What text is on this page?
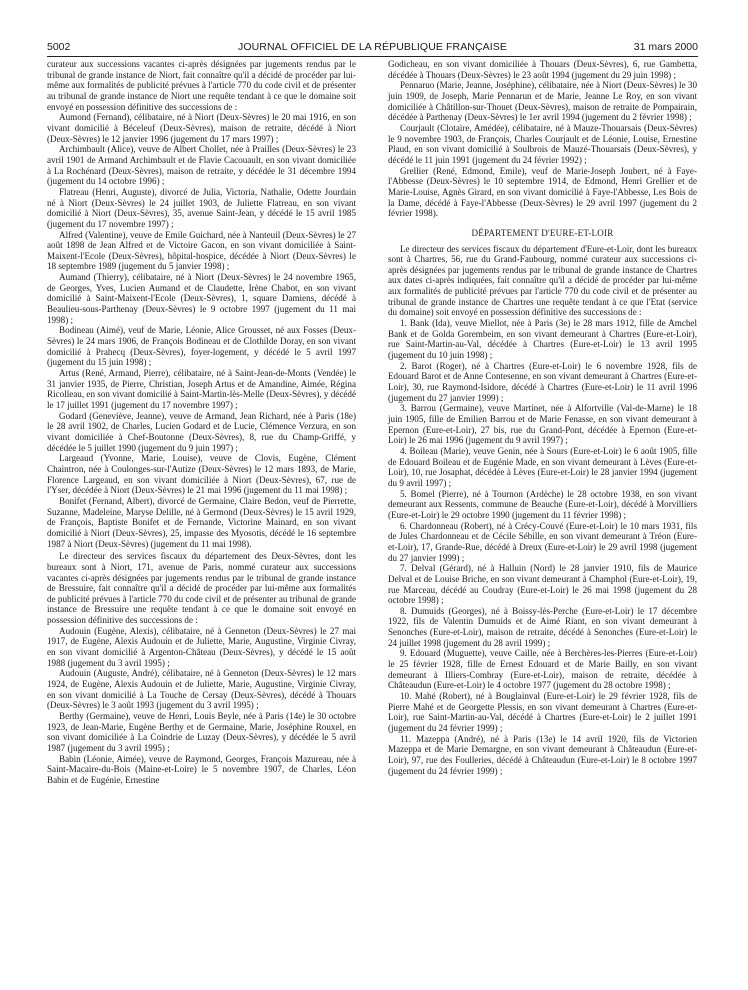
5002	JOURNAL OFFICIEL DE LA RÉPUBLIQUE FRANÇAISE	31 mars 2000

curateur aux successions vacantes ci-après désignées par jugements rendus par le tribunal de grande instance de Niort, fait connaître qu'il a décidé de procéder par lui-même aux formalités de publicité prévues à l'article 770 du code civil et de présenter au tribunal de grande instance de Niort une requête tendant à ce que le domaine soit envoyé en possession définitive des successions de :

Aumond (Fernand), célibataire, né à Niort (Deux-Sèvres) le 20 mai 1916, en son vivant domicilié à Béceleuf (Deux-Sèvres), maison de retraite, décédé à Niort (Deux-Sèvres) le 12 janvier 1996 (jugement du 17 mars 1997) ;

Archimbault (Alice), veuve de Albert Chollet, née à Prailles (Deux-Sèvres) le 23 avril 1901 de Armand Archimbault et de Flavie Cacouault, en son vivant domiciliée à La Rochénard (Deux-Sèvres), maison de retraite, y décédée le 31 décembre 1994 (jugement du 14 octobre 1996) ;

Flatreau (Henri, Auguste), divorcé de Julia, Victoria, Nathalie, Odette Jourdain né à Niort (Deux-Sèvres) le 24 juillet 1903, de Juliette Flatreau, en son vivant domicilié à Niort (Deux-Sèvres), 35, avenue Saint-Jean, y décédé le 15 avril 1985 (jugement du 17 novembre 1997) ;

Alfred (Valentine), veuve de Emile Guichard, née à Nanteuil (Deux-Sèvres) le 27 août 1898 de Jean Alfred et de Victoire Gacon, en son vivant domiciliée à Saint-Maixent-l'Ecole (Deux-Sèvres), hôpital-hospice, décédée à Niort (Deux-Sèvres) le 18 septembre 1989 (jugement du 5 janvier 1998) ;

Aumand (Thierry), célibataire, né à Niort (Deux-Sèvres) le 24 novembre 1965, de Georges, Yves, Lucien Aumand et de Claudette, Irène Chabot, en son vivant domicilié à Saint-Maixent-l'Ecole (Deux-Sèvres), 1, square Damiens, décédé à Beaulieu-sous-Parthenay (Deux-Sèvres) le 9 octobre 1997 (jugement du 11 mai 1998) ;

Bodineau (Aimé), veuf de Marie, Léonie, Alice Grousset, né aux Fosses (Deux-Sèvres) le 24 mars 1906, de François Bodineau et de Clothilde Doray, en son vivant domicilié à Prahecq (Deux-Sèvres), foyer-logement, y décédé le 5 avril 1997 (jugement du 15 juin 1998) ;

Artus (René, Armand, Pierre), célibataire, né à Saint-Jean-de-Monts (Vendée) le 31 janvier 1935, de Pierre, Christian, Joseph Artus et de Amandine, Aimée, Régina Ricolleau, en son vivant domicilié à Saint-Martin-lès-Melle (Deux-Sèvres), y décédé le 17 juillet 1991 (jugement du 17 novembre 1997) ;

Godard (Geneviève, Jeanne), veuve de Armand, Jean Richard, née à Paris (18e) le 28 avril 1902, de Charles, Lucien Godard et de Lucie, Clémence Verzura, en son vivant domiciliée à Chef-Boutonne (Deux-Sèvres), 8, rue du Champ-Griffé, y décédée le 5 juillet 1990 (jugement du 9 juin 1997) ;

Largeaud (Yvonne, Marie, Louise), veuve de Clovis, Eugène, Clément Chaintron, née à Coulonges-sur-l'Autize (Deux-Sèvres) le 12 mars 1893, de Marie, Florence Largeaud, en son vivant domiciliée à Niort (Deux-Sèvres), 67, rue de l'Yser, décédée à Niort (Deux-Sèvres) le 21 mai 1996 (jugement du 11 mai 1998) ;

Bonifet (Fernand, Albert), divorcé de Germaine, Claire Bedon, veuf de Pierrette, Suzanne, Madeleine, Maryse Delille, né à Germond (Deux-Sèvres) le 15 avril 1929, de François, Baptiste Bonifet et de Fernande, Victorine Mainard, en son vivant domicilié à Niort (Deux-Sèvres), 25, impasse des Myosotis, décédé le 16 septembre 1987 à Niort (Deux-Sèvres) (jugement du 11 mai 1998).

Le directeur des services fiscaux du département des Deux-Sèvres, dont les bureaux sont à Niort, 171, avenue de Paris, nommé curateur aux successions vacantes ci-après désignées par jugements rendus par le tribunal de grande instance de Bressuire, fait connaître qu'il a décidé de procéder par lui-même aux formalités de publicité prévues à l'article 770 du code civil et de présenter au tribunal de grande instance de Bressuire une requête tendant à ce que le domaine soit envoyé en possession définitive des successions de :

Audouin (Eugène, Alexis), célibataire, né à Genneton (Deux-Sèvres) le 27 mai 1917, de Eugène, Alexis Audouin et de Juliette, Marie, Augustine, Virginie Civray, en son vivant domicilié à Argenton-Château (Deux-Sèvres), y décédé le 15 août 1988 (jugement du 3 avril 1995) ;

Audouin (Auguste, André), célibataire, né à Genneton (Deux-Sèvres) le 12 mars 1924, de Eugène, Alexis Audouin et de Juliette, Marie, Augustine, Virginie Civray, en son vivant domicilié à La Touche de Cersay (Deux-Sèvres), décédé à Thouars (Deux-Sèvres) le 3 août 1993 (jugement du 3 avril 1995) ;

Berthy (Germaine), veuve de Henri, Louis Beyle, née à Paris (14e) le 30 octobre 1923, de Jean-Marie, Eugène Berthy et de Germaine, Marie, Joséphine Rouxel, en son vivant domiciliée à La Coindrie de Luzay (Deux-Sèvres), y décédée le 5 avril 1987 (jugement du 3 avril 1995) ;

Babin (Léonie, Aimée), veuve de Raymond, Georges, François Mazureau, née à Saint-Macaire-du-Bois (Maine-et-Loire) le 5 novembre 1907, de Charles, Léon Babin et de Eugénie, Ernestine

Godicheau, en son vivant domiciliée à Thouars (Deux-Sèvres), 6, rue Gambetta, décédée à Thouars (Deux-Sèvres) le 23 août 1994 (jugement du 29 juin 1998) ;

Pennaruo (Marie, Jeanne, Joséphine), célibataire, née à Niort (Deux-Sèvres) le 30 juin 1909, de Joseph, Marie Pennarun et de Marie, Jeanne Le Roy, en son vivant domiciliée à Châtillon-sur-Thouet (Deux-Sèvres), maison de retraite de Pompairain, décédée à Parthenay (Deux-Sèvres) le 1er avril 1994 (jugement du 2 février 1998) ;

Courjault (Clotaire, Amédée), célibataire, né à Mauze-Thouarsais (Deux-Sèvres) le 9 novembre 1903, de François, Charles Courjault et de Léonie, Louise, Ernestine Plaud, en son vivant domicilié à Soulbrois de Mauzé-Thouarsais (Deux-Sèvres), y décédé le 11 juin 1991 (jugement du 24 février 1992) ;

Grellier (René, Edmond, Emile), veuf de Marie-Joseph Joubert, né à Faye-l'Abbesse (Deux-Sèvres) le 10 septembre 1914, de Edmond, Henri Grellier et de Marie-Louise, Agnès Girard, en son vivant domicilié à Faye-l'Abbesse, Les Bois de la Dame, décédé à Faye-l'Abbesse (Deux-Sèvres) le 29 avril 1997 (jugement du 2 février 1998).

DÉPARTEMENT D'EURE-ET-LOIR

Le directeur des services fiscaux du département d'Eure-et-Loir, dont les bureaux sont à Chartres, 56, rue du Grand-Faubourg, nommé curateur aux successions ci-après désignées par jugements rendus par le tribunal de grande instance de Chartres aux dates ci-après indiquées, fait connaître qu'il a décidé de procéder par lui-même aux formalités de publicité prévues par l'article 770 du code civil et de présenter au tribunal de grande instance de Chartres une requête tendant à ce que l'Etat (service du domaine) soit envoyé en possession définitive des successions de :

1. Bank (Ida), veuve Miellot, née à Paris (3e) le 28 mars 1912, fille de Amchel Bank et de Golda Gorembeim, en son vivant demeurant à Chartres (Eure-et-Loir), rue Saint-Martin-au-Val, décédée à Chartres (Eure-et-Loir) le 13 avril 1995 (jugement du 10 juin 1998) ;

2. Barot (Roger), né à Chartres (Eure-et-Loir) le 6 novembre 1928, fils de Edouard Barot et de Anne Contesenne, en son vivant demeurant à Chartres (Eure-et-Loir), 30, rue Raymond-Isidore, décédé à Chartres (Eure-et-Loir) le 11 avril 1996 (jugement du 27 janvier 1999) ;

3. Barrou (Germaine), veuve Martinet, née à Alfortville (Val-de-Marne) le 18 juin 1905, fille de Emilien Barrou et de Marie Fenasse, en son vivant demeurant à Epernon (Eure-et-Loir), 27 bis, rue du Grand-Pont, décédée à Epernon (Eure-et-Loir) le 26 mai 1996 (jugement du 9 avril 1997) ;

4. Boileau (Marie), veuve Genin, née à Sours (Eure-et-Loir) le 6 août 1905, fille de Edouard Boileau et de Eugénie Made, en son vivant demeurant à Lèves (Eure-et-Loir), 10, rue Josaphat, décédée à Lèves (Eure-et-Loir) le 28 janvier 1994 (jugement du 9 avril 1997) ;

5. Bomel (Pierre), né à Tournon (Ardèche) le 28 octobre 1938, en son vivant demeurant aux Ressents, commune de Beauche (Eure-et-Loir), décédé à Morvilliers (Eure-et-Loir) le 29 octobre 1990 (jugement du 11 février 1998) ;

6. Chardonneau (Robert), né à Crécy-Couvé (Eure-et-Loir) le 10 mars 1931, fils de Jules Chardonneau et de Cécile Sébille, en son vivant demeurant à Tréon (Eure-et-Loir), 17, Grande-Rue, décédé à Dreux (Eure-et-Loir) le 29 avril 1998 (jugement du 27 janvier 1999) ;

7. Delval (Gérard), né à Halluin (Nord) le 28 janvier 1910, fils de Maurice Delval et de Louise Briche, en son vivant demeurant à Champhol (Eure-et-Loir), 19, rue Marceau, décédé au Coudray (Eure-et-Loir) le 26 mai 1998 (jugement du 28 octobre 1998) ;

8. Dumuids (Georges), né à Boissy-lès-Perche (Eure-et-Loir) le 17 décembre 1922, fils de Valentin Dumuids et de Aimé Riant, en son vivant demeurant à Senonches (Eure-et-Loir), maison de retraite, décédé à Senonches (Eure-et-Loir) le 24 juillet 1998 (jugement du 28 avril 1999) ;

9. Edouard (Muguette), veuve Caille, née à Berchères-les-Pierres (Eure-et-Loir) le 25 février 1928, fille de Ernest Edouard et de Marie Bailly, en son vivant demeurant à Illiers-Combray (Eure-et-Loir), maison de retraite, décédée à Châteaudun (Eure-et-Loir) le 4 octobre 1977 (jugement du 28 octobre 1998) ;

10. Mahé (Robert), né à Bouglainval (Eure-et-Loir) le 29 février 1928, fils de Pierre Mahé et de Georgette Plessis, en son vivant demeurant à Chartres (Eure-et-Loir), rue Saint-Martin-au-Val, décédé à Chartres (Eure-et-Loir) le 2 juillet 1991 (jugement du 24 février 1999) ;

11. Mazeppa (André), né à Paris (13e) le 14 avril 1920, fils de Victorien Mazeppa et de Marie Demargne, en son vivant demeurant à Châteaudun (Eure-et-Loir), 97, rue des Foulleries, décédé à Châteaudun (Eure-et-Loir) le 8 octobre 1997 (jugement du 24 février 1999) ;
